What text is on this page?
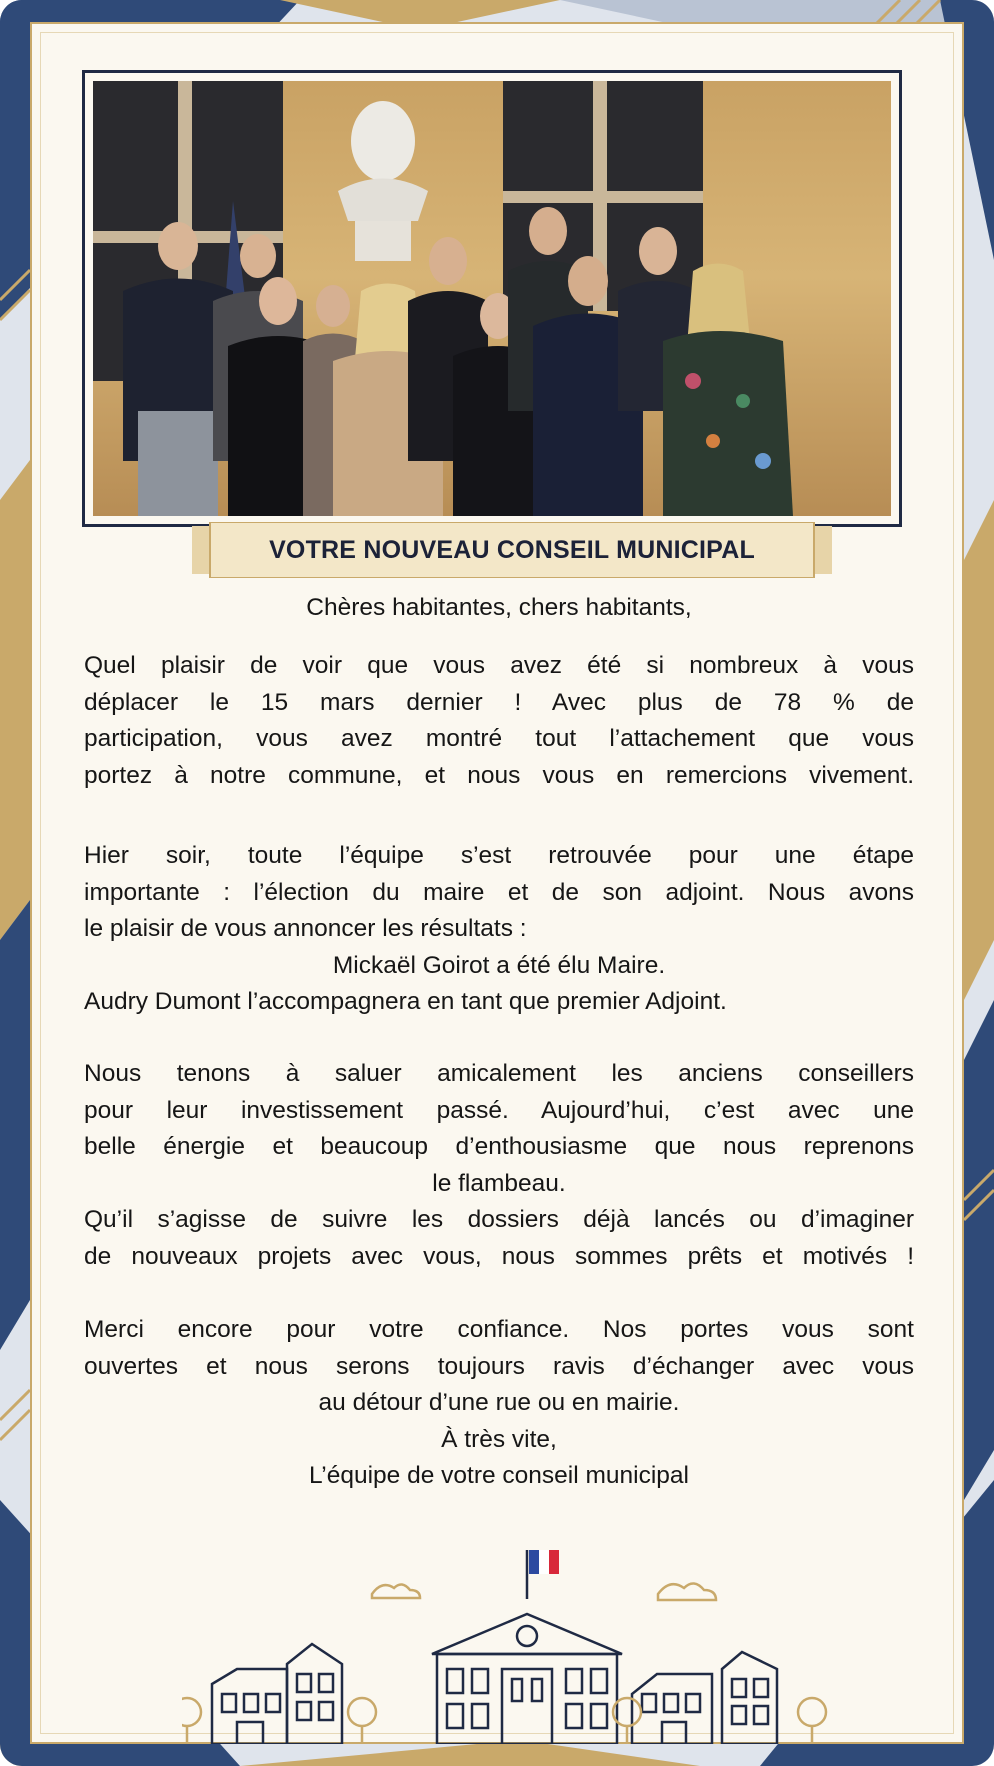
VOTRE NOUVEAU CONSEIL MUNICIPAL
Chères habitantes, chers habitants,
Quel plaisir de voir que vous avez été si nombreux à vous
déplacer le 15 mars dernier ! Avec plus de 78 % de
participation, vous avez montré tout l’attachement que vous
portez à notre commune, et nous vous en remercions vivement.
Hier soir, toute l’équipe s’est retrouvée pour une étape
importante : l’élection du maire et de son adjoint. Nous avons
le plaisir de vous annoncer les résultats :
Mickaël Goirot a été élu Maire.
Audry Dumont l’accompagnera en tant que premier Adjoint.
Nous tenons à saluer amicalement les anciens conseillers
pour leur investissement passé. Aujourd’hui, c’est avec une
belle énergie et beaucoup d’enthousiasme que nous reprenons
le flambeau.
Qu’il s’agisse de suivre les dossiers déjà lancés ou d’imaginer
de nouveaux projets avec vous, nous sommes prêts et motivés !
Merci encore pour votre confiance. Nos portes vous sont
ouvertes et nous serons toujours ravis d’échanger avec vous
au détour d’une rue ou en mairie.
À très vite,
L’équipe de votre conseil municipal
